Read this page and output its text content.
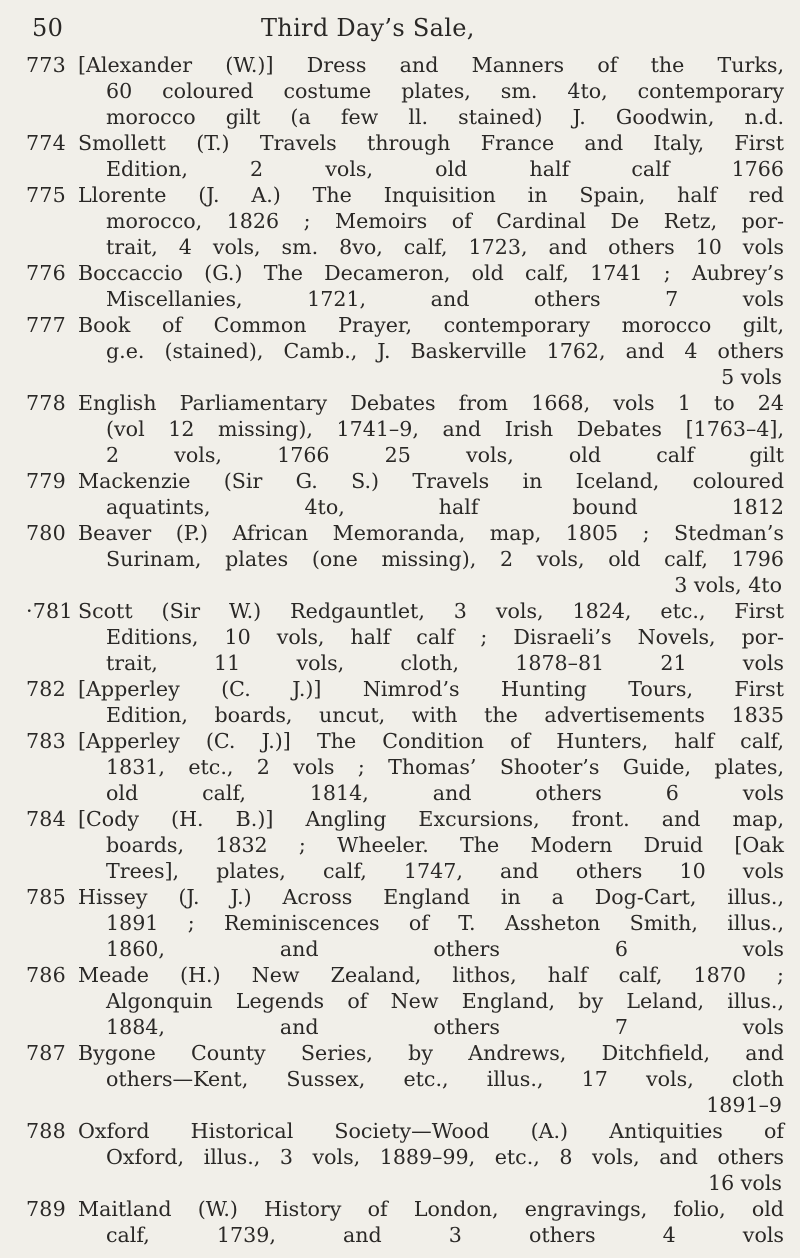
50	Third Day’s Sale,
773 [Alexander (W.)] Dress and Manners of the Turks,
60 coloured costume plates, sm. 4to, contemporary
morocco gilt (a few ll. stained) J. Goodwin, n.d.
774 Smollett (T.) Travels through France and Italy, First
Edition, 2 vols, old half calf 1766
775 Llorente (J. A.) The Inquisition in Spain, half red
morocco, 1826 ; Memoirs of Cardinal De Retz, por-
trait, 4 vols, sm. 8vo, calf, 1723, and others 10 vols
776 Boccaccio (G.) The Decameron, old calf, 1741 ; Aubrey’s
Miscellanies, 1721, and others 7 vols
777 Book of Common Prayer, contemporary morocco gilt,
g.e. (stained), Camb., J. Baskerville 1762, and 4 others
5 vols
778 English Parliamentary Debates from 1668, vols 1 to 24
(vol 12 missing), 1741–9, and Irish Debates [1763–4],
2 vols, 1766 25 vols, old calf gilt
779 Mackenzie (Sir G. S.) Travels in Iceland, coloured
aquatints, 4to, half bound 1812
780 Beaver (P.) African Memoranda, map, 1805 ; Stedman’s
Surinam, plates (one missing), 2 vols, old calf, 1796
3 vols, 4to
·781 Scott (Sir W.) Redgauntlet, 3 vols, 1824, etc., First
Editions, 10 vols, half calf ; Disraeli’s Novels, por-
trait, 11 vols, cloth, 1878–81 21 vols
782 [Apperley (C. J.)] Nimrod’s Hunting Tours, First
Edition, boards, uncut, with the advertisements 1835
783 [Apperley (C. J.)] The Condition of Hunters, half calf,
1831, etc., 2 vols ; Thomas’ Shooter’s Guide, plates,
old calf, 1814, and others 6 vols
784 [Cody (H. B.)] Angling Excursions, front. and map,
boards, 1832 ; Wheeler. The Modern Druid [Oak
Trees], plates, calf, 1747, and others 10 vols
785 Hissey (J. J.) Across England in a Dog-Cart, illus.,
1891 ; Reminiscences of T. Assheton Smith, illus.,
1860, and others 6 vols
786 Meade (H.) New Zealand, lithos, half calf, 1870 ;
Algonquin Legends of New England, by Leland, illus.,
1884, and others 7 vols
787 Bygone County Series, by Andrews, Ditchfield, and
others—Kent, Sussex, etc., illus., 17 vols, cloth
1891–9
788 Oxford Historical Society—Wood (A.) Antiquities of
Oxford, illus., 3 vols, 1889–99, etc., 8 vols, and others
16 vols
789 Maitland (W.) History of London, engravings, folio, old
calf, 1739, and 3 others 4 vols
